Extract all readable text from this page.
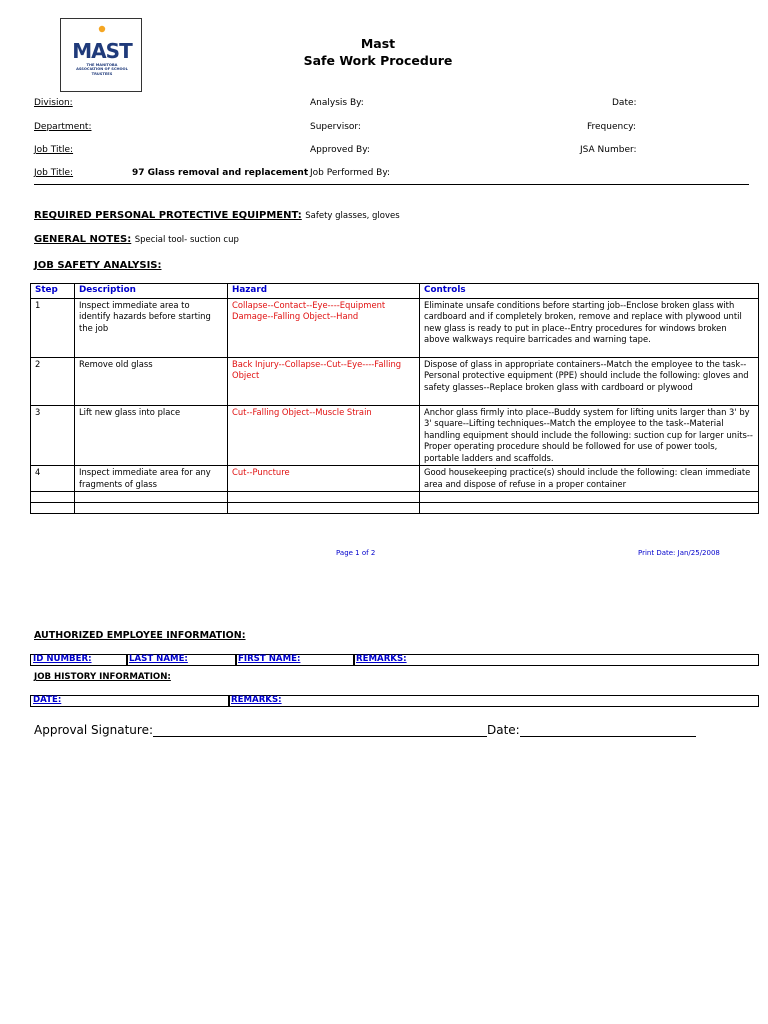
MAST
THE MANITOBA ASSOCIATION OF SCHOOL TRUSTEES
Mast
Safe Work Procedure
Division:
Department:
Job Title:
Job Title:	97 Glass removal and replacement
Analysis By:
Supervisor:
Approved By:
Job Performed By:
Date:
Frequency:
JSA Number:
REQUIRED PERSONAL PROTECTIVE EQUIPMENT: Safety glasses, gloves
GENERAL NOTES: Special tool- suction cup
JOB SAFETY ANALYSIS:
Step	Description	Hazard	Controls
1	Inspect immediate area to identify hazards before starting the job	Collapse--Contact--Eye----Equipment Damage--Falling Object--Hand	Eliminate unsafe conditions before starting job--Enclose broken glass with cardboard and if completely broken, remove and replace with plywood until new glass is ready to put in place--Entry procedures for windows broken above walkways require barricades and warning tape.
2	Remove old glass	Back Injury--Collapse--Cut--Eye----Falling Object	Dispose of glass in appropriate containers--Match the employee to the task--Personal protective equipment (PPE) should include the following: gloves and safety glasses--Replace broken glass with cardboard or plywood
3	Lift new glass into place	Cut--Falling Object--Muscle Strain	Anchor glass firmly into place--Buddy system for lifting units larger than 3' by 3' square--Lifting techniques--Match the employee to the task--Material handling equipment should include the following: suction cup for larger units--Proper operating procedure should be followed for use of power tools, portable ladders and scaffolds.
4	Inspect immediate area for any fragments of glass	Cut--Puncture	Good housekeeping practice(s) should include the following: clean immediate area and dispose of refuse in a proper container

Page 1 of 2	Print Date: Jan/25/2008
AUTHORIZED EMPLOYEE INFORMATION:
ID NUMBER:	LAST NAME:	FIRST NAME:	REMARKS:
JOB HISTORY INFORMATION:
DATE:	REMARKS:
Approval Signature:	Date:
